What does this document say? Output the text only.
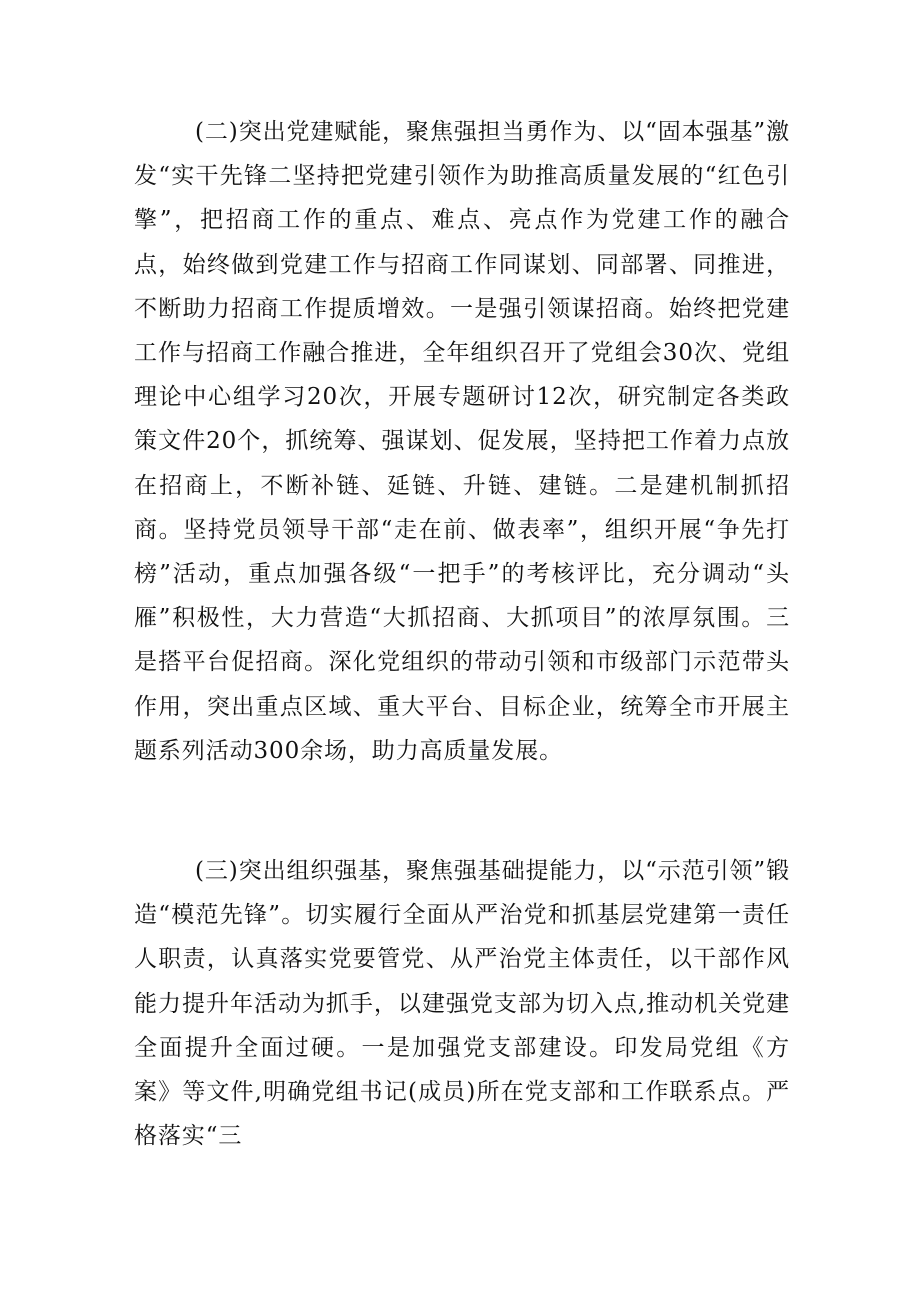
(二)突出党建赋能，聚焦强担当勇作为、以“固本强基”激发“实干先锋二坚持把党建引领作为助推高质量发展的“红色引擎”，把招商工作的重点、难点、亮点作为党建工作的融合点，始终做到党建工作与招商工作同谋划、同部署、同推进，不断助力招商工作提质增效。一是强引领谋招商。始终把党建工作与招商工作融合推进，全年组织召开了党组会30次、党组理论中心组学习20次，开展专题研讨12次，研究制定各类政策文件20个，抓统筹、强谋划、促发展，坚持把工作着力点放在招商上，不断补链、延链、升链、建链。二是建机制抓招商。坚持党员领导干部“走在前、做表率”，组织开展“争先打榜”活动，重点加强各级“一把手”的考核评比，充分调动“头雁”积极性，大力营造“大抓招商、大抓项目”的浓厚氛围。三是搭平台促招商。深化党组织的带动引领和市级部门示范带头作用，突出重点区域、重大平台、目标企业，统筹全市开展主题系列活动300余场，助力高质量发展。

(三)突出组织强基，聚焦强基础提能力，以“示范引领”锻造“模范先锋”。切实履行全面从严治党和抓基层党建第一责任人职责，认真落实党要管党、从严治党主体责任，以干部作风能力提升年活动为抓手，以建强党支部为切入点,推动机关党建全面提升全面过硬。一是加强党支部建设。印发局党组《方案》等文件,明确党组书记(成员)所在党支部和工作联系点。严格落实“三
